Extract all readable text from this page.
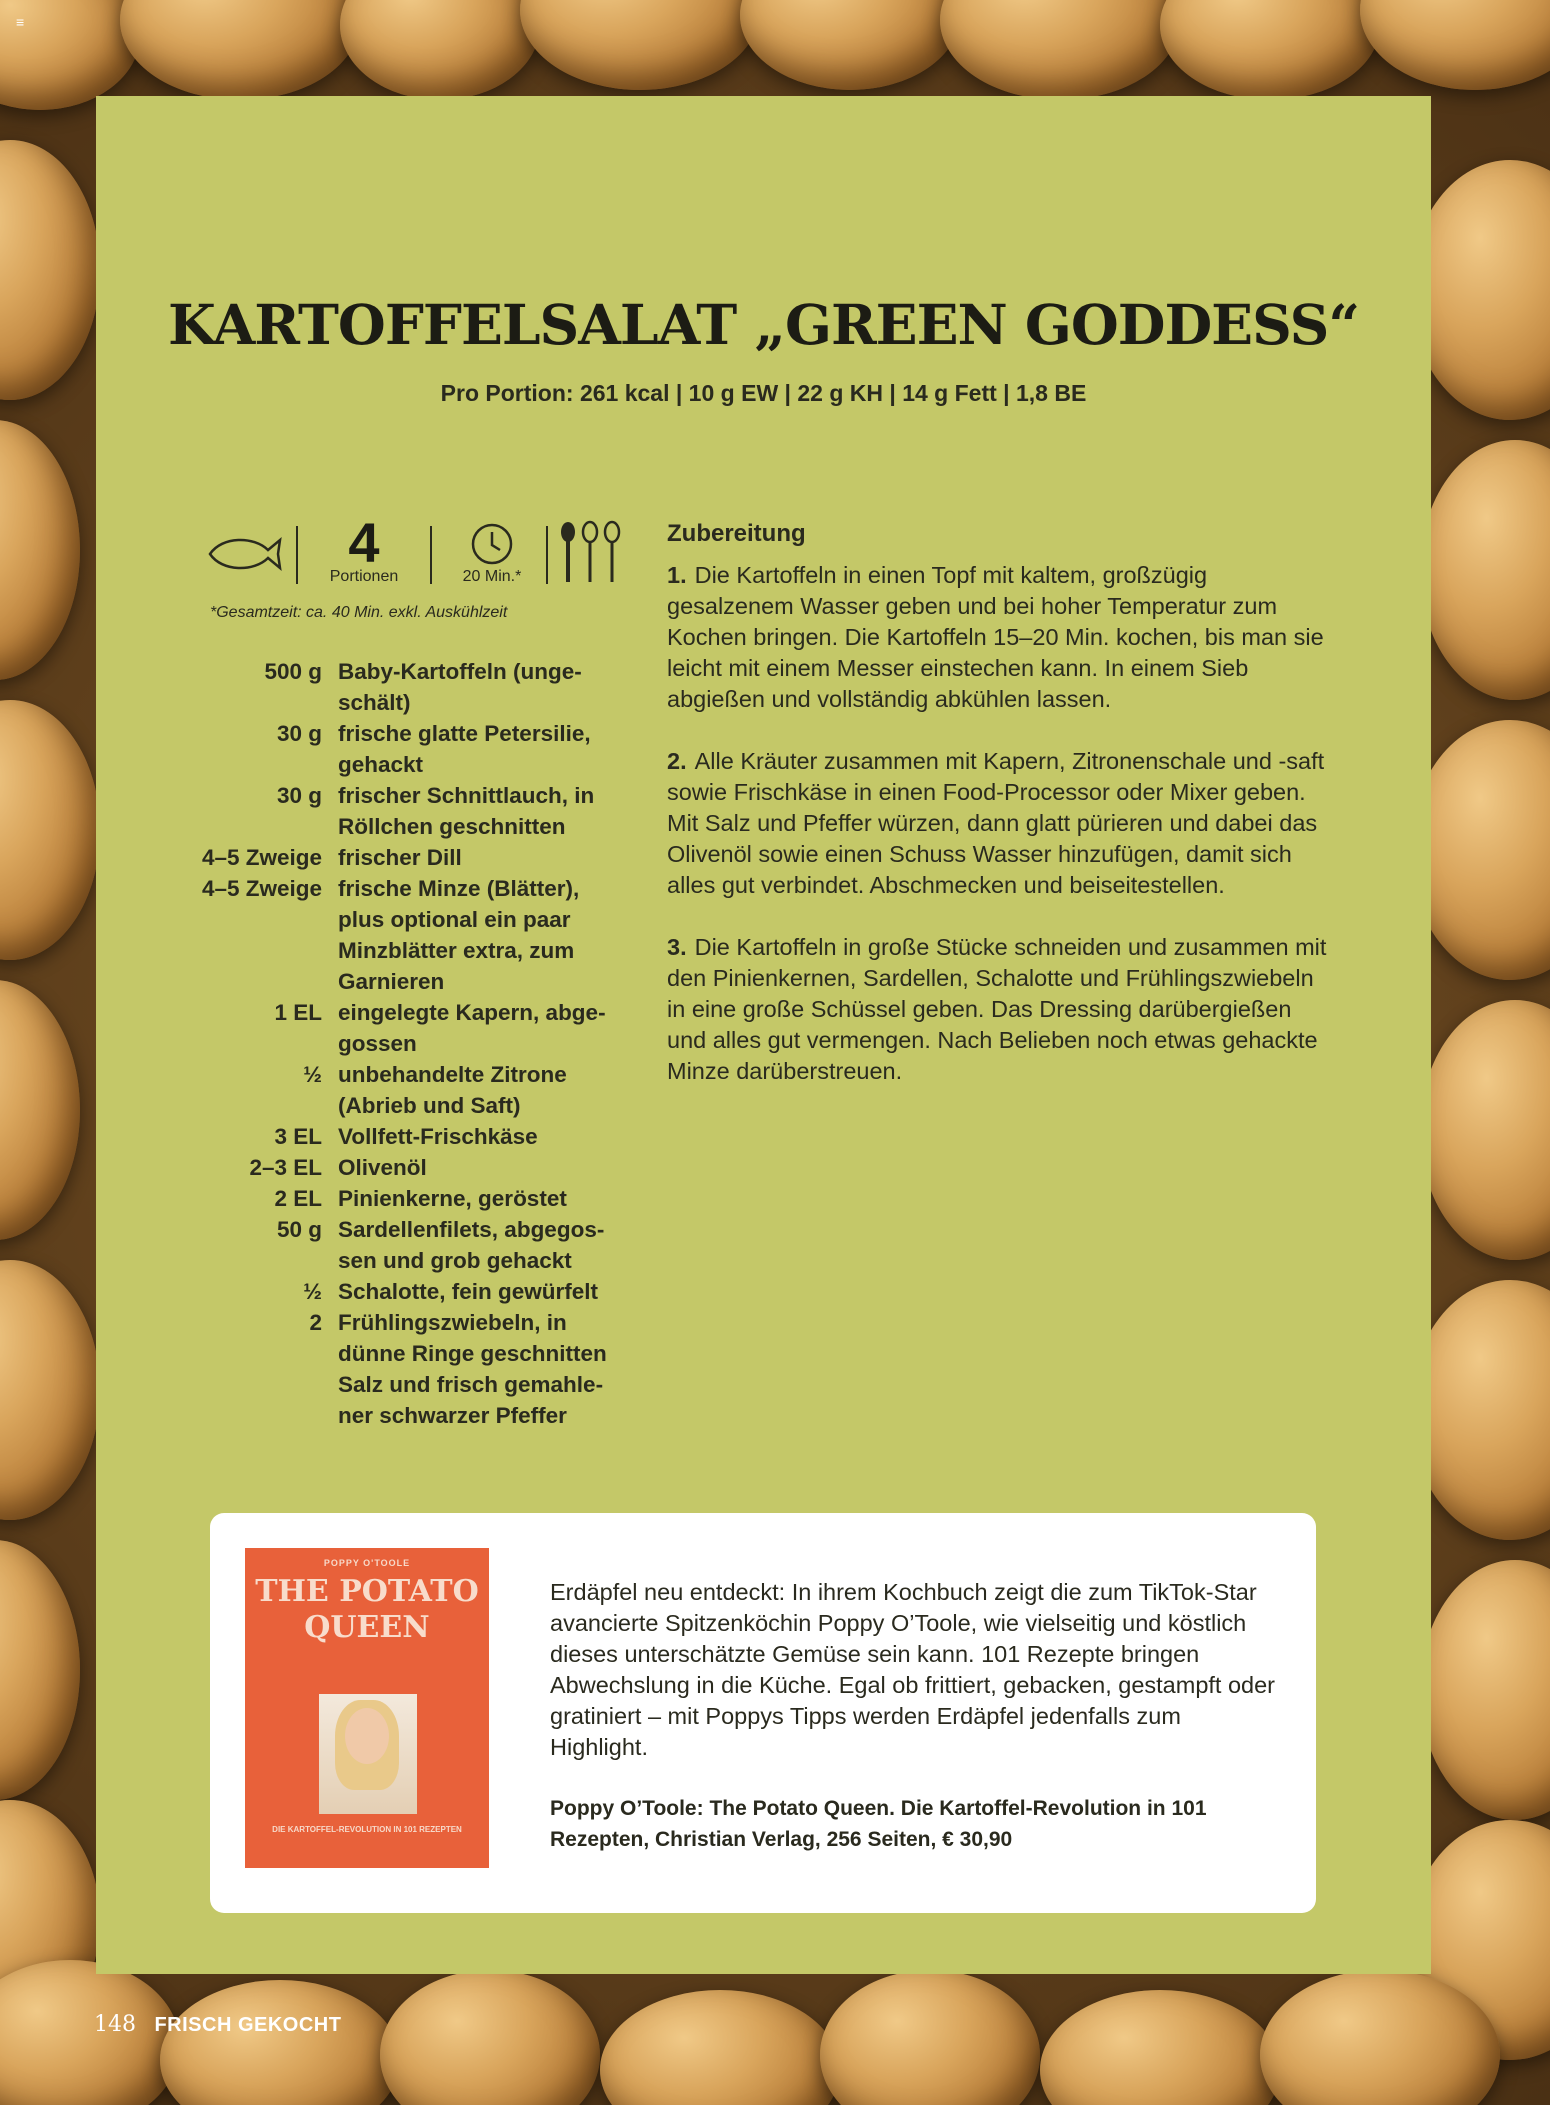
≡
KARTOFFELSALAT „GREEN GODDESS“
Pro Portion: 261 kcal | 10 g EW | 22 g KH | 14 g Fett | 1,8 BE
4
Portionen	20 Min.*
*Gesamtzeit: ca. 40 Min. exkl. Auskühlzeit
500 g Baby-Kartoffeln (unge-
schält)
30 g frische glatte Petersilie,
gehackt
30 g frischer Schnittlauch, in
Röllchen geschnitten
4–5 Zweige frischer Dill
4–5 Zweige frische Minze (Blätter),
plus optional ein paar
Minzblätter extra, zum
Garnieren
1 EL eingelegte Kapern, abge-
gossen
½ unbehandelte Zitrone
(Abrieb und Saft)
3 EL Vollfett-Frischkäse
2–3 EL Olivenöl
2 EL Pinienkerne, geröstet
50 g Sardellenfilets, abgegos-
sen und grob gehackt
½ Schalotte, fein gewürfelt
2 Frühlingszwiebeln, in
dünne Ringe geschnitten
Salz und frisch gemahle-
ner schwarzer Pfeffer
Zubereitung
1. Die Kartoffeln in einen Topf mit kaltem, großzügig gesalzenem Wasser geben und bei hoher Temperatur zum Kochen bringen. Die Kartoffeln 15–20 Min. kochen, bis man sie leicht mit einem Messer einstechen kann. In einem Sieb abgießen und vollständig abkühlen lassen.
2. Alle Kräuter zusammen mit Kapern, Zitronenschale und -saft sowie Frischkäse in einen Food-Processor oder Mixer geben. Mit Salz und Pfeffer würzen, dann glatt pürieren und dabei das Olivenöl sowie einen Schuss Wasser hinzufügen, damit sich alles gut verbindet. Abschmecken und beiseitestellen.
3. Die Kartoffeln in große Stücke schneiden und zusammen mit den Pinienkernen, Sardellen, Schalotte und Frühlingszwiebeln in eine große Schüssel geben. Das Dressing darübergießen und alles gut vermengen. Nach Belieben noch etwas gehackte Minze darüberstreuen.
POPPY O'TOOLE
THE POTATO QUEEN
DIE KARTOFFEL-REVOLUTION IN 101 REZEPTEN
Erdäpfel neu entdeckt: In ihrem Kochbuch zeigt die zum TikTok-Star avancierte Spitzenköchin Poppy O’Toole, wie vielseitig und köstlich dieses unterschätzte Gemüse sein kann. 101 Rezepte bringen Abwechslung in die Küche. Egal ob frittiert, gebacken, gestampft oder gratiniert – mit Poppys Tipps werden Erdäpfel jedenfalls zum Highlight.
Poppy O’Toole: The Potato Queen. Die Kartoffel-Revolution in 101 Rezepten, Christian Verlag, 256 Seiten, € 30,90
148 FRISCH GEKOCHT
